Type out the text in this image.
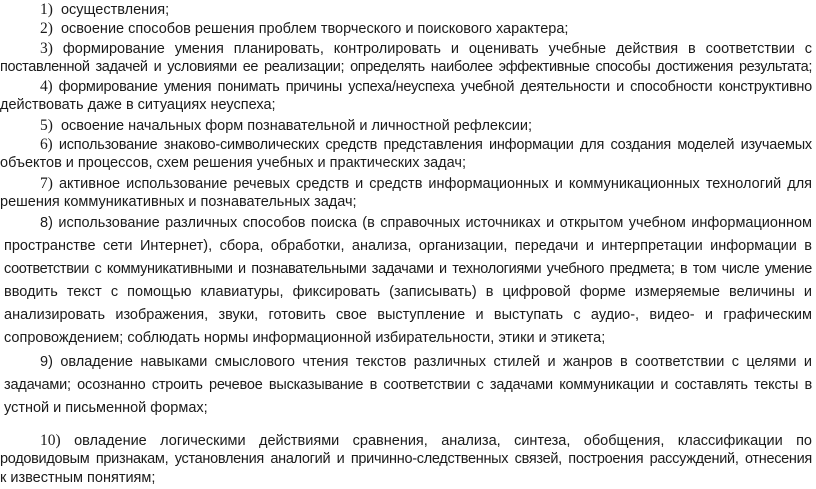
1) осуществления;
2) освоение способов решения проблем творческого и поискового характера;
3) формирование умения планировать, контролировать и оценивать учебные действия в соответствии с
поставленной задачей и условиями ее реализации; определять наиболее эффективные способы достижения результата;
4) формирование умения понимать причины успеха/неуспеха учебной деятельности и способности конструктивно
действовать даже в ситуациях неуспеха;
5) освоение начальных форм познавательной и личностной рефлексии;
6) использование знаково-символических средств представления информации для создания моделей изучаемых
объектов и процессов, схем решения учебных и практических задач;
7) активное использование речевых средств и средств информационных и коммуникационных технологий для
решения коммуникативных и познавательных задач;
8) использование различных способов поиска (в справочных источниках и открытом учебном информационном
пространстве сети Интернет), сбора, обработки, анализа, организации, передачи и интерпретации информации в
соответствии с коммуникативными и познавательными задачами и технологиями учебного предмета; в том числе умение
вводить текст с помощью клавиатуры, фиксировать (записывать) в цифровой форме измеряемые величины и
анализировать изображения, звуки, готовить свое выступление и выступать с аудио-, видео- и графическим
сопровождением; соблюдать нормы информационной избирательности, этики и этикета;
9) овладение навыками смыслового чтения текстов различных стилей и жанров в соответствии с целями и
задачами; осознанно строить речевое высказывание в соответствии с задачами коммуникации и составлять тексты в
устной и письменной формах;
10) овладение логическими действиями сравнения, анализа, синтеза, обобщения, классификации по
родовидовым признакам, установления аналогий и причинно-следственных связей, построения рассуждений, отнесения
к известным понятиям;
